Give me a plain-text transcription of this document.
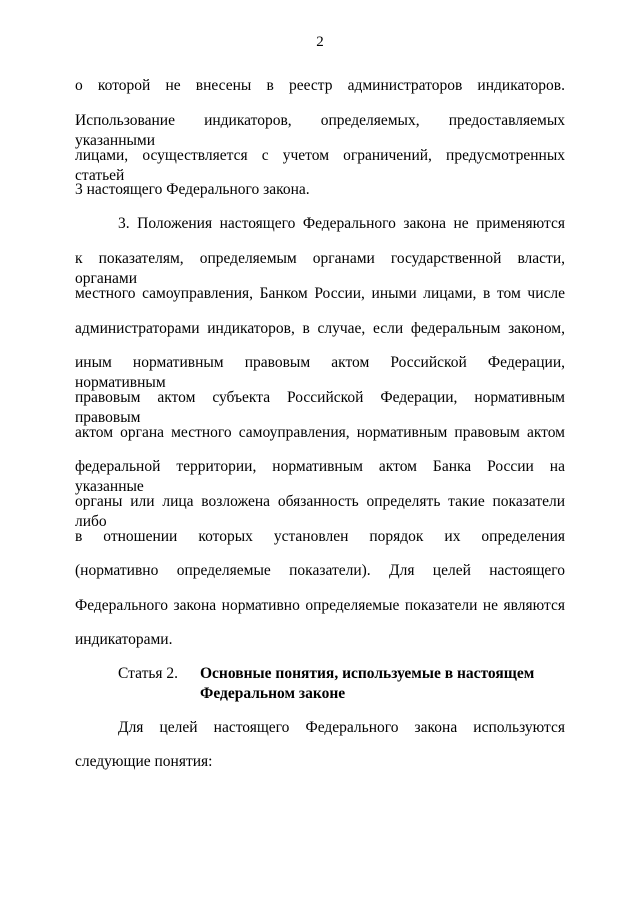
2
о которой не внесены в реестр администраторов индикаторов.
Использование индикаторов, определяемых, предоставляемых указанными
лицами, осуществляется с учетом ограничений, предусмотренных статьей
3 настоящего Федерального закона.
3. Положения настоящего Федерального закона не применяются
к показателям, определяемым органами государственной власти, органами
местного самоуправления, Банком России, иными лицами, в том числе
администраторами индикаторов, в случае, если федеральным законом,
иным нормативным правовым актом Российской Федерации, нормативным
правовым актом субъекта Российской Федерации, нормативным правовым
актом органа местного самоуправления, нормативным правовым актом
федеральной территории, нормативным актом Банка России на указанные
органы или лица возложена обязанность определять такие показатели либо
в отношении которых установлен порядок их определения
(нормативно определяемые показатели). Для целей настоящего
Федерального закона нормативно определяемые показатели не являются
индикаторами.
Статья 2. Основные понятия, используемые в настоящем
Федеральном законе
Для целей настоящего Федерального закона используются
следующие понятия:
